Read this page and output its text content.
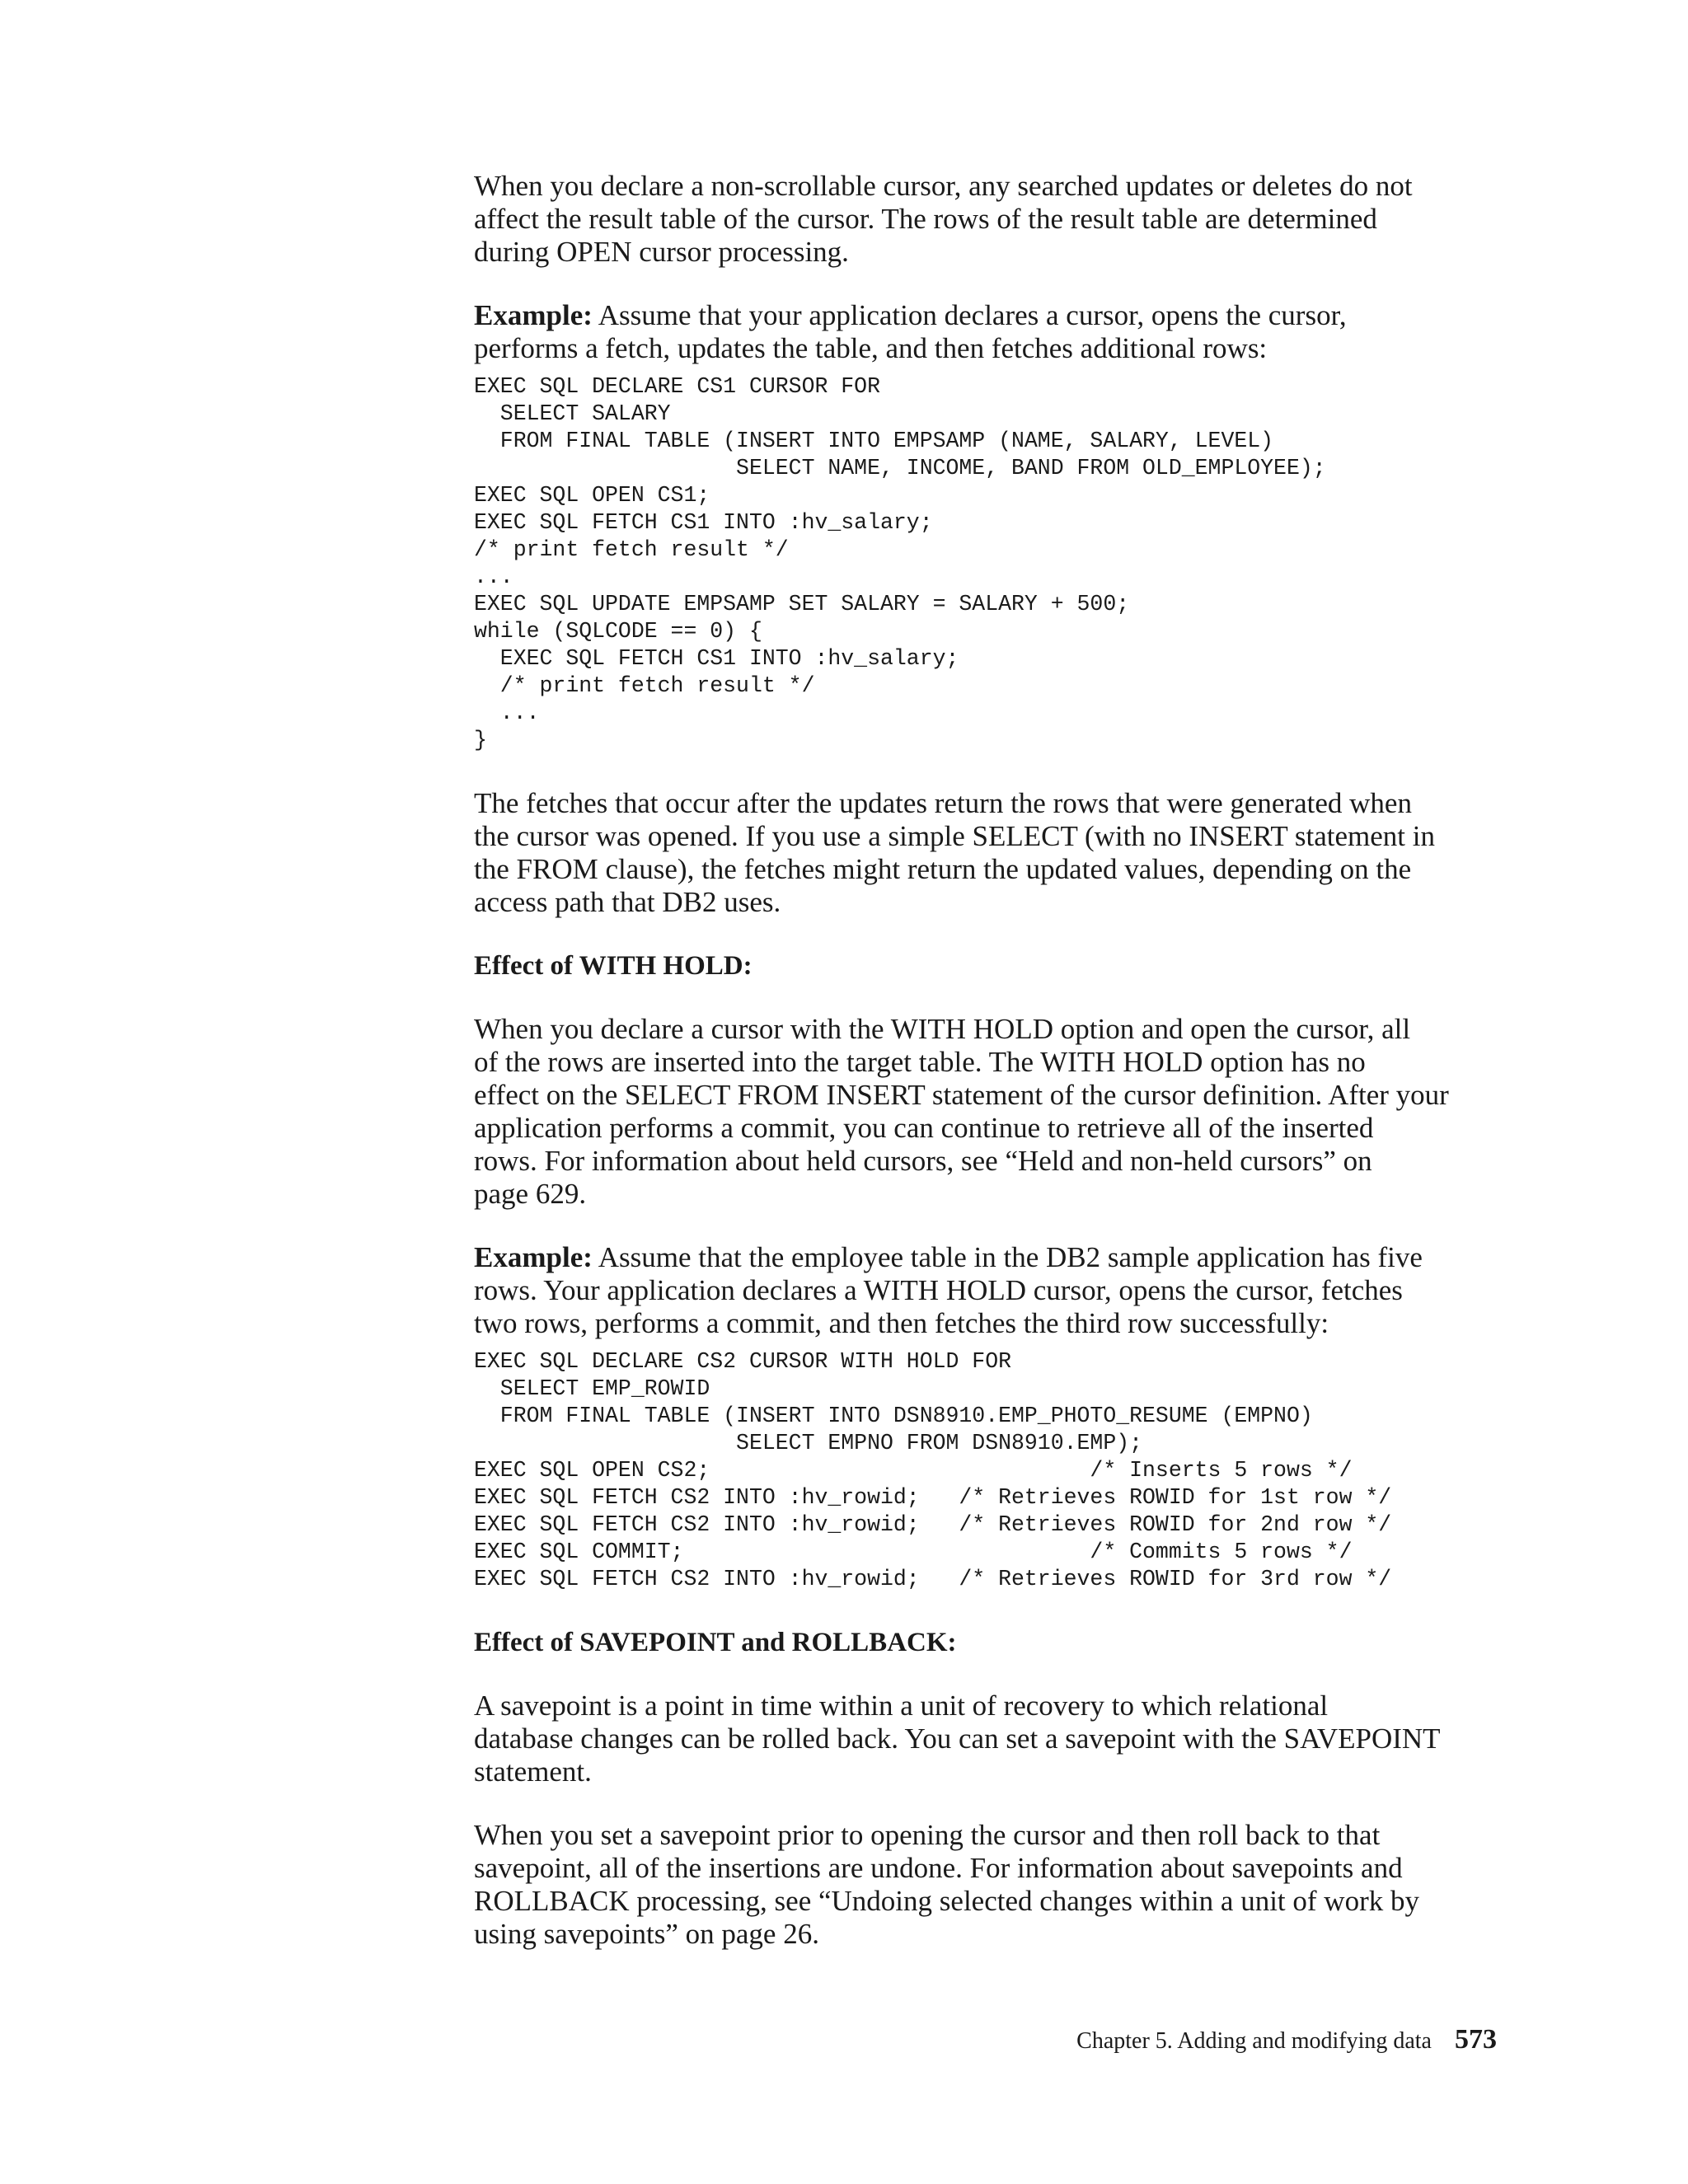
When you declare a non-scrollable cursor, any searched updates or deletes do not
affect the result table of the cursor. The rows of the result table are determined
during OPEN cursor processing.

Example: Assume that your application declares a cursor, opens the cursor,
performs a fetch, updates the table, and then fetches additional rows:

EXEC SQL DECLARE CS1 CURSOR FOR
SELECT SALARY
FROM FINAL TABLE (INSERT INTO EMPSAMP (NAME, SALARY, LEVEL)
SELECT NAME, INCOME, BAND FROM OLD_EMPLOYEE);
EXEC SQL OPEN CS1;
EXEC SQL FETCH CS1 INTO :hv_salary;
/* print fetch result */
...
EXEC SQL UPDATE EMPSAMP SET SALARY = SALARY + 500;
while (SQLCODE == 0) {
EXEC SQL FETCH CS1 INTO :hv_salary;
/* print fetch result */
...
}

The fetches that occur after the updates return the rows that were generated when
the cursor was opened. If you use a simple SELECT (with no INSERT statement in
the FROM clause), the fetches might return the updated values, depending on the
access path that DB2 uses.

Effect of WITH HOLD:

When you declare a cursor with the WITH HOLD option and open the cursor, all
of the rows are inserted into the target table. The WITH HOLD option has no
effect on the SELECT FROM INSERT statement of the cursor definition. After your
application performs a commit, you can continue to retrieve all of the inserted
rows. For information about held cursors, see “Held and non-held cursors” on
page 629.

Example: Assume that the employee table in the DB2 sample application has five
rows. Your application declares a WITH HOLD cursor, opens the cursor, fetches
two rows, performs a commit, and then fetches the third row successfully:

EXEC SQL DECLARE CS2 CURSOR WITH HOLD FOR
SELECT EMP_ROWID
FROM FINAL TABLE (INSERT INTO DSN8910.EMP_PHOTO_RESUME (EMPNO)
SELECT EMPNO FROM DSN8910.EMP);
EXEC SQL OPEN CS2;                             /* Inserts 5 rows */
EXEC SQL FETCH CS2 INTO :hv_rowid;   /* Retrieves ROWID for 1st row */
EXEC SQL FETCH CS2 INTO :hv_rowid;   /* Retrieves ROWID for 2nd row */
EXEC SQL COMMIT;                               /* Commits 5 rows */
EXEC SQL FETCH CS2 INTO :hv_rowid;   /* Retrieves ROWID for 3rd row */
Effect of SAVEPOINT and ROLLBACK:

A savepoint is a point in time within a unit of recovery to which relational
database changes can be rolled back. You can set a savepoint with the SAVEPOINT
statement.

When you set a savepoint prior to opening the cursor and then roll back to that
savepoint, all of the insertions are undone. For information about savepoints and
ROLLBACK processing, see “Undoing selected changes within a unit of work by
using savepoints” on page 26.

Chapter 5. Adding and modifying data 573
